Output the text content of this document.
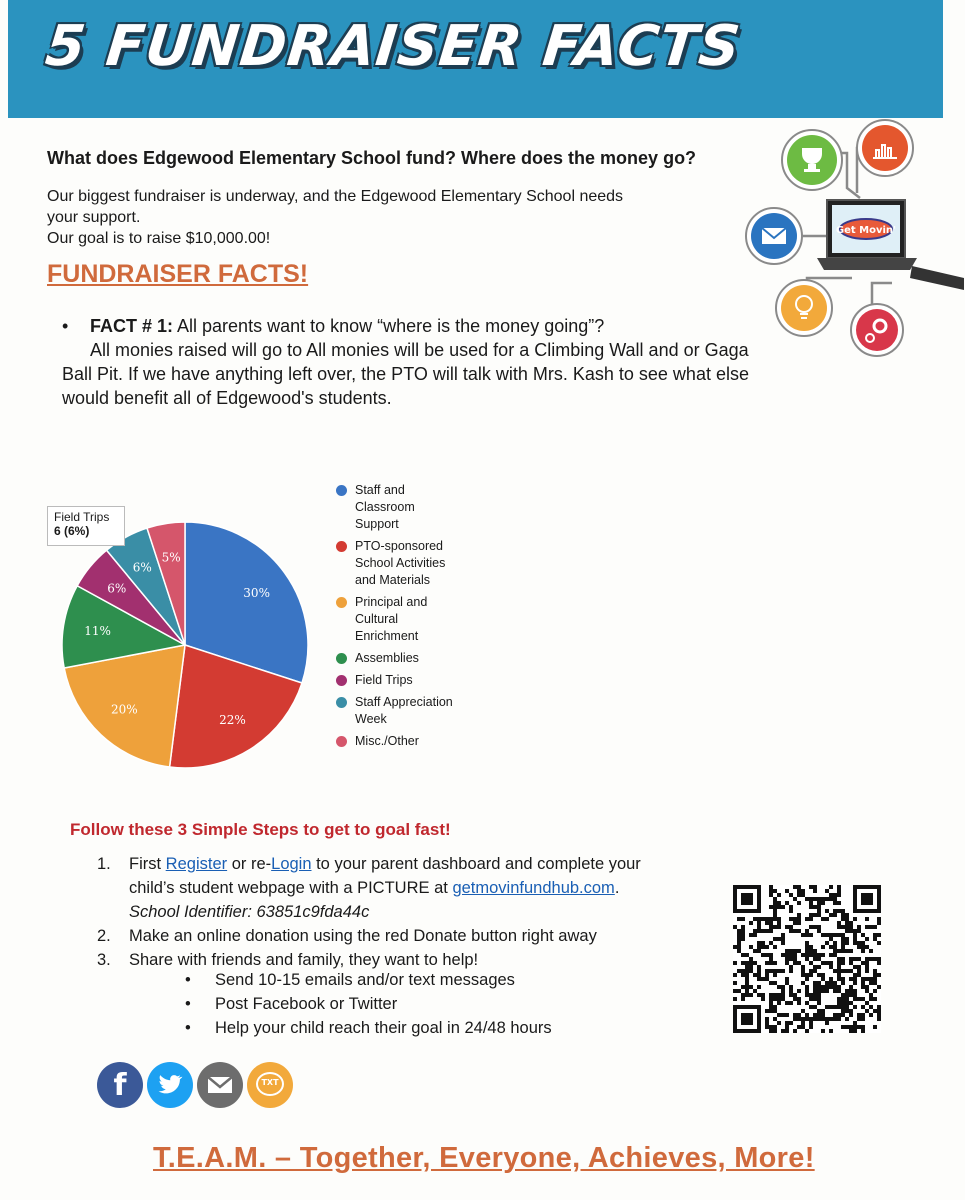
5 FUNDRAISER FACTS

What does Edgewood Elementary School fund? Where does the money go?

Our biggest fundraiser is underway, and the Edgewood Elementary School needs
your support.
Our goal is to raise $10,000.00!	Get Movin'

FUNDRAISER FACTS!

•	FACT # 1: All parents want to know “where is the money going”?
All monies raised will go to All monies will be used for a Climbing Wall and or Gaga
Ball Pit. If we have anything left over, the PTO will talk with Mrs. Kash to see what else
would benefit all of Edgewood's students.
30%
22%
20%
11%
6%
6%
5%
Field Trips
6 (6%)
Staff and
Classroom
Support
PTO-sponsored
School Activities
and Materials
Principal and
Cultural
Enrichment
Assemblies
Field Trips
Staff Appreciation
Week
Misc./Other

Follow these 3 Simple Steps to get to goal fast!

1. First Register or re-Login to your parent dashboard and complete your
child’s student webpage with a PICTURE at getmovinfundhub.com.
School Identifier: 63851c9fda44c
2. Make an online donation using the red Donate button right away
3. Share with friends and family, they want to help!
• Send 10-15 emails and/or text messages
• Post Facebook or Twitter
• Help your child reach their goal in 24/48 hours
f	TXT

T.E.A.M. – Together, Everyone, Achieves, More!
